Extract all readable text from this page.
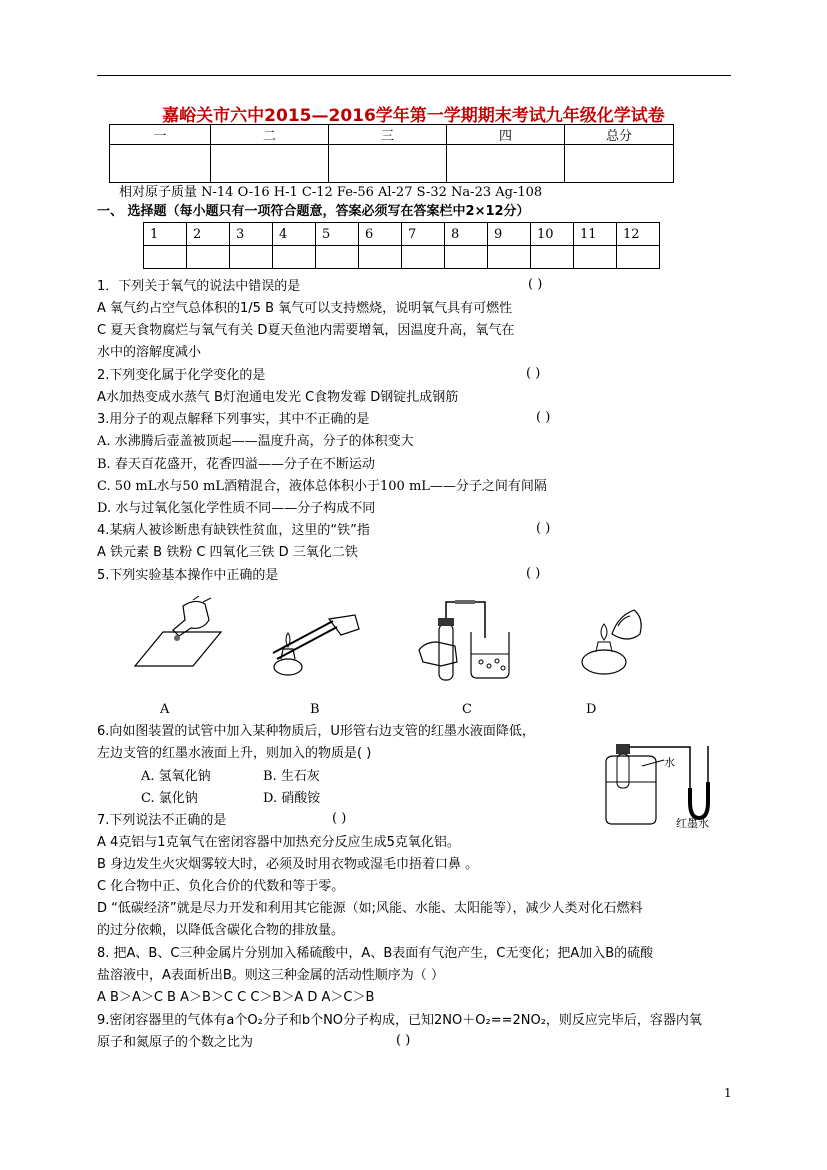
嘉峪关市六中2015—2016学年第一学期期末考试九年级化学试卷
一	二	三	四	总分

相对原子质量 N-14 O-16 H-1 C-12 Fe-56 Al-27 S-32 Na-23 Ag-108
一、 选择题（每小题只有一项符合题意，答案必须写在答案栏中2×12分）
1	2	3	4	5	6	7	8	9	10	11	12

1．下列关于氧气的说法中错误的是	( )
A 氧气约占空气总体积的1/5 B 氧气可以支持燃烧，说明氧气具有可燃性
C 夏天食物腐烂与氧气有关 D夏天鱼池内需要增氧，因温度升高，氧气在
水中的溶解度减小
2.下列变化属于化学变化的是	( )
A水加热变成水蒸气 B灯泡通电发光 C食物发霉 D钢锭扎成钢筋
3.用分子的观点解释下列事实，其中不正确的是	( )
A. 水沸腾后壶盖被顶起——温度升高，分子的体积变大
B. 春天百花盛开，花香四溢——分子在不断运动
C. 50 mL水与50 mL酒精混合，液体总体积小于100 mL——分子之间有间隔
D. 水与过氧化氢化学性质不同——分子构成不同
4.某病人被诊断患有缺铁性贫血，这里的“铁”指	( )
A 铁元素 B 铁粉 C 四氧化三铁 D 三氧化二铁
5.下列实验基本操作中正确的是	( )
A	B	C	D
6.向如图装置的试管中加入某种物质后，U形管右边支管的红墨水液面降低，
左边支管的红墨水液面上升，则加入的物质是( )
A. 氢氧化钠	B. 生石灰
C. 氯化钠	D. 硝酸铵
水
红墨水
7.下列说法不正确的是	( )
A 4克铝与1克氧气在密闭容器中加热充分反应生成5克氧化铝。
B 身边发生火灾烟雾较大时，必须及时用衣物或湿毛巾捂着口鼻 。
C 化合物中正、负化合价的代数和等于零。
D “低碳经济”就是尽力开发和利用其它能源（如;风能、水能、太阳能等），减少人类对化石燃料
的过分依赖，以降低含碳化合物的排放量。
8. 把A、B、C三种金属片分别加入稀硫酸中，A、B表面有气泡产生，C无变化；把A加入B的硫酸
盐溶液中，A表面析出B。则这三种金属的活动性顺序为（ ）
A B＞A＞C B A＞B＞C C C＞B＞A D A＞C＞B
9.密闭容器里的气体有a个O₂分子和b个NO分子构成，已知2NO＋O₂==2NO₂，则反应完毕后，容器内氧
原子和氮原子的个数之比为	( )
1
